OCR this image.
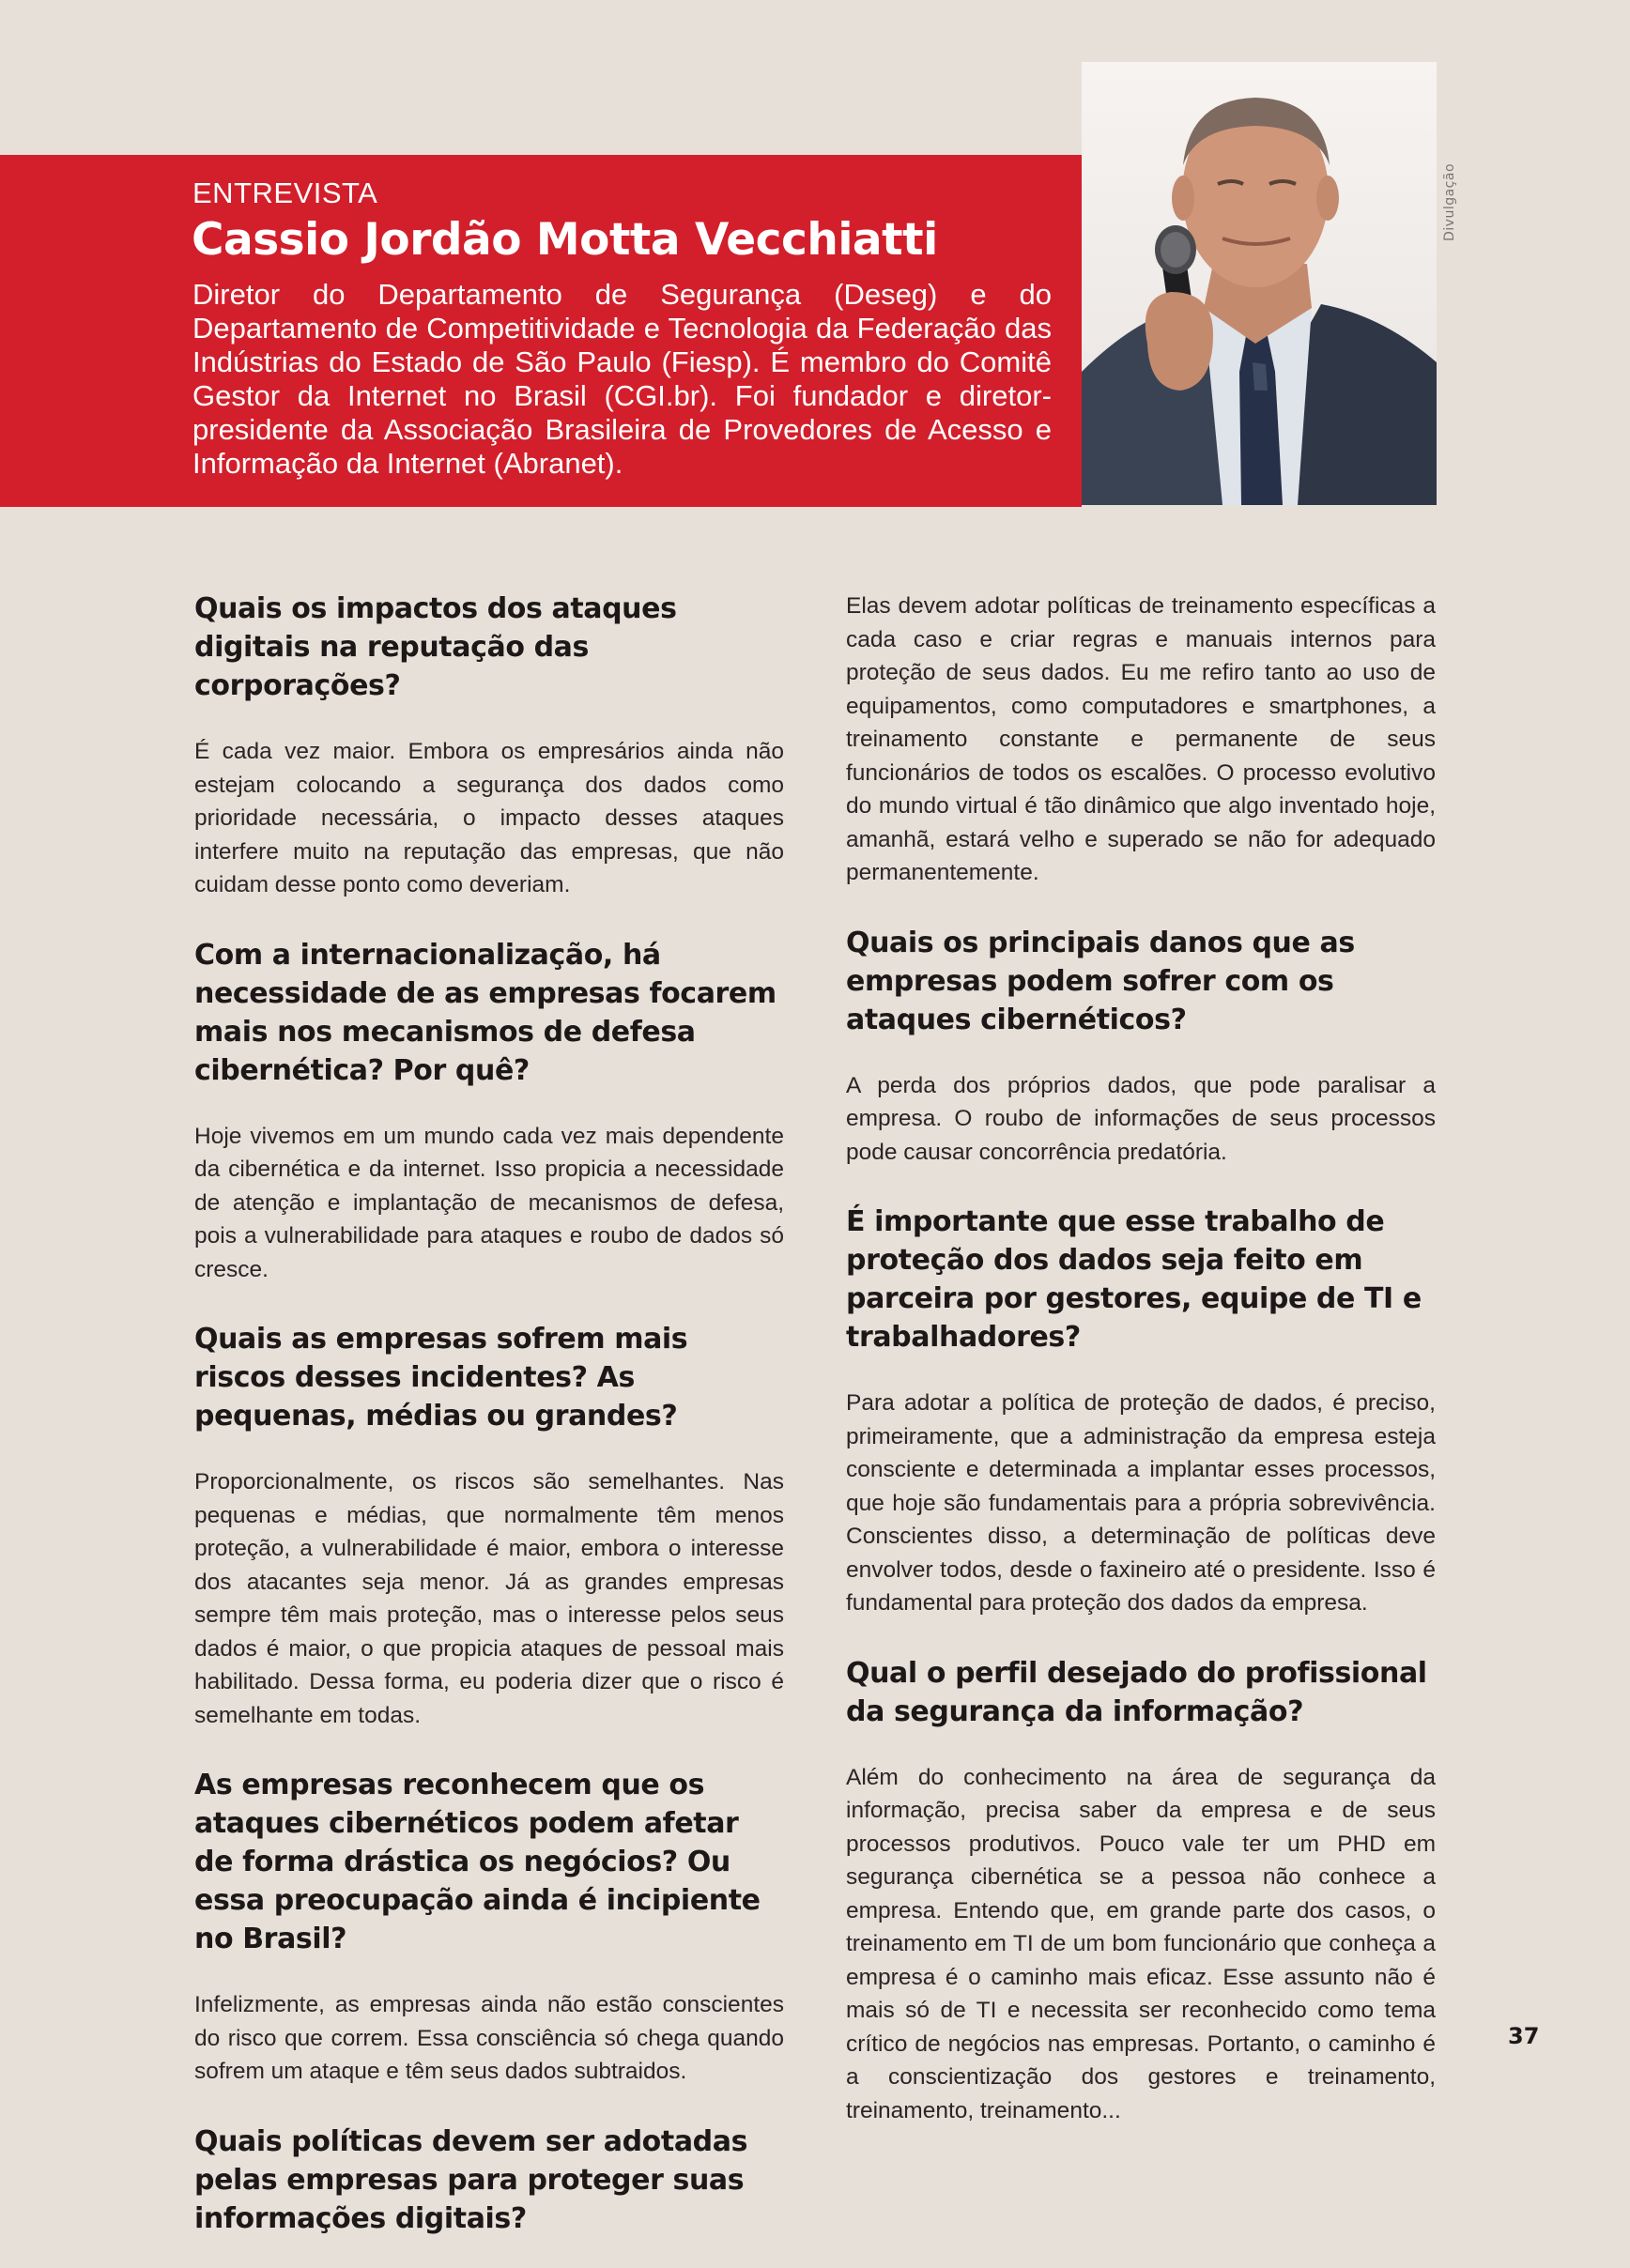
Divulgação
ENTREVISTA
Cassio Jordão Motta Vecchiatti
Diretor do Departamento de Segurança (Deseg) e do Departamento de Competitividade e Tecnologia da Federação das Indústrias do Estado de São Paulo (Fiesp). É membro do Comitê Gestor da Internet no Brasil (CGI.br). Foi fundador e diretor-presidente da Associação Brasileira de Provedores de Acesso e Informação da Internet (Abranet).
Quais os impactos dos ataques digitais na reputação das corporações?
É cada vez maior. Embora os empresários ainda não estejam colocando a segurança dos dados como prioridade necessária, o impacto desses ataques interfere muito na reputação das empresas, que não cuidam desse ponto como deveriam.
Com a internacionalização, há necessidade de as empresas focarem mais nos mecanismos de defesa cibernética? Por quê?
Hoje vivemos em um mundo cada vez mais dependente da cibernética e da internet. Isso propicia a necessidade de atenção e implantação de mecanismos de defesa, pois a vulnerabilidade para ataques e roubo de dados só cresce.
Quais as empresas sofrem mais riscos desses incidentes? As pequenas, médias ou grandes?
Proporcionalmente, os riscos são semelhantes. Nas pequenas e médias, que normalmente têm menos proteção, a vulnerabilidade é maior, embora o interesse dos atacantes seja menor. Já as grandes empresas sempre têm mais proteção, mas o interesse pelos seus dados é maior, o que propicia ataques de pessoal mais habilitado. Dessa forma, eu poderia dizer que o risco é semelhante em todas.
As empresas reconhecem que os ataques cibernéticos podem afetar de forma drástica os negócios? Ou essa preocupação ainda é incipiente no Brasil?
Infelizmente, as empresas ainda não estão conscientes do risco que correm. Essa consciência só chega quando sofrem um ataque e têm seus dados subtraidos.
Quais políticas devem ser adotadas pelas empresas para proteger suas informações digitais?
Elas devem adotar políticas de treinamento específicas a cada caso e criar regras e manuais internos para proteção de seus dados. Eu me refiro tanto ao uso de equipamentos, como computadores e smartphones, a treinamento constante e permanente de seus funcionários de todos os escalões. O processo evolutivo do mundo virtual é tão dinâmico que algo inventado hoje, amanhã, estará velho e superado se não for adequado permanentemente.
Quais os principais danos que as empresas podem sofrer com os ataques cibernéticos?
A perda dos próprios dados, que pode paralisar a empresa. O roubo de informações de seus processos pode causar concorrência predatória.
É importante que esse trabalho de proteção dos dados seja feito em parceira por gestores, equipe de TI e trabalhadores?
Para adotar a política de proteção de dados, é preciso, primeiramente, que a administração da empresa esteja consciente e determinada a implantar esses processos, que hoje são fundamentais para a própria sobrevivência. Conscientes disso, a determinação de políticas deve envolver todos, desde o faxineiro até o presidente. Isso é fundamental para proteção dos dados da empresa.
Qual o perfil desejado do profissional da segurança da informação?
Além do conhecimento na área de segurança da informação, precisa saber da empresa e de seus processos produtivos. Pouco vale ter um PHD em segurança cibernética se a pessoa não conhece a empresa. Entendo que, em grande parte dos casos, o treinamento em TI de um bom funcionário que conheça a empresa é o caminho mais eficaz. Esse assunto não é mais só de TI e necessita ser reconhecido como tema crítico de negócios nas empresas. Portanto, o caminho é a conscientização dos gestores e treinamento, treinamento, treinamento...
37
